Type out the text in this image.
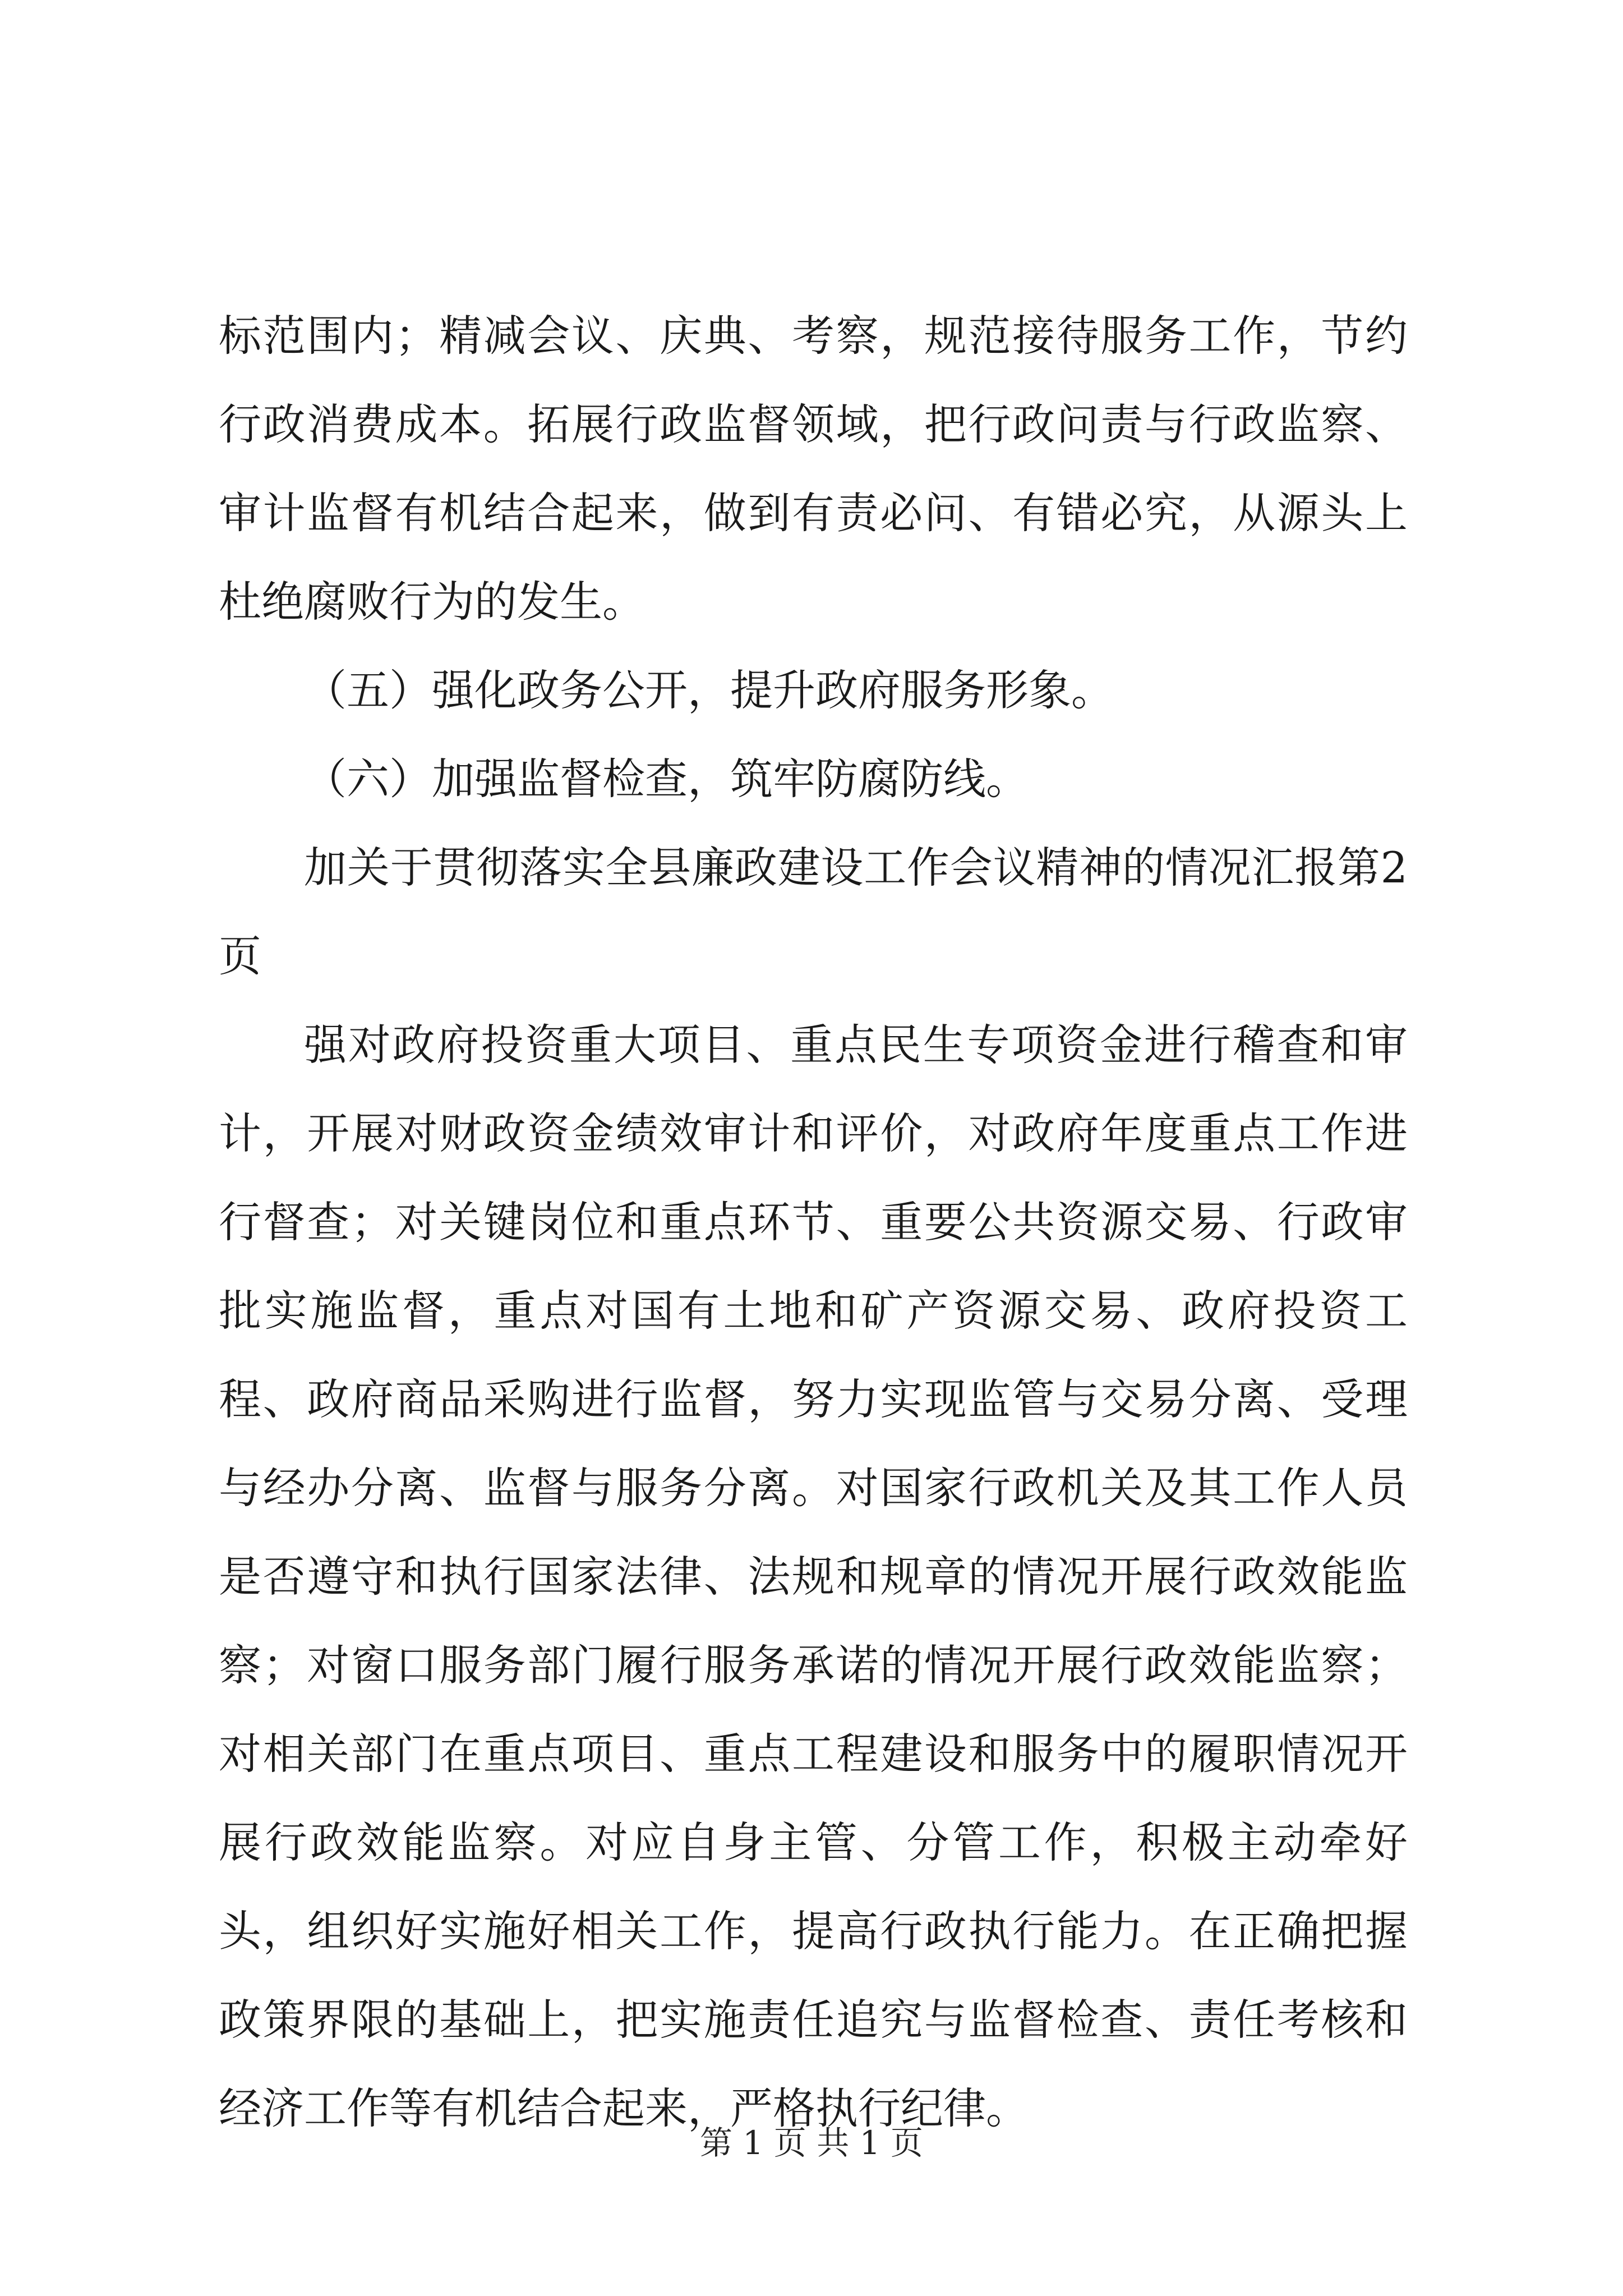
标范围内；精减会议、庆典、考察，规范接待服务工作，节约行政消费成本。拓展行政监督领域，把行政问责与行政监察、审计监督有机结合起来，做到有责必问、有错必究，从源头上杜绝腐败行为的发生。

（五）强化政务公开，提升政府服务形象。

（六）加强监督检查，筑牢防腐防线。

加关于贯彻落实全县廉政建设工作会议精神的情况汇报第2页

强对政府投资重大项目、重点民生专项资金进行稽查和审计，开展对财政资金绩效审计和评价，对政府年度重点工作进行督查；对关键岗位和重点环节、重要公共资源交易、行政审批实施监督，重点对国有土地和矿产资源交易、政府投资工程、政府商品采购进行监督，努力实现监管与交易分离、受理与经办分离、监督与服务分离。对国家行政机关及其工作人员是否遵守和执行国家法律、法规和规章的情况开展行政效能监察；对窗口服务部门履行服务承诺的情况开展行政效能监察；对相关部门在重点项目、重点工程建设和服务中的履职情况开展行政效能监察。对应自身主管、分管工作，积极主动牵好头，组织好实施好相关工作，提高行政执行能力。在正确把握政策界限的基础上，把实施责任追究与监督检查、责任考核和经济工作等有机结合起来，严格执行纪律。

第 1 页 共 1 页
